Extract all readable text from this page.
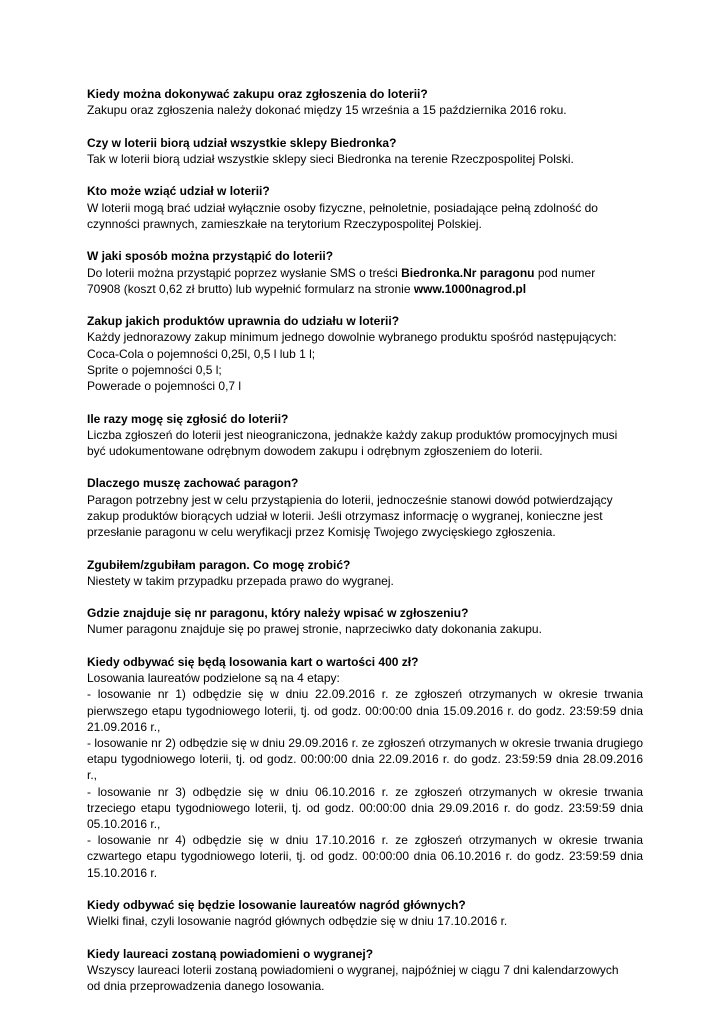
Kiedy można dokonywać zakupu oraz zgłoszenia do loterii?

Zakupu oraz zgłoszenia należy dokonać między 15 września a 15 października 2016 roku.

Czy w loterii biorą udział wszystkie sklepy Biedronka?

Tak w loterii biorą udział wszystkie sklepy sieci Biedronka na terenie Rzeczpospolitej Polski.

Kto może wziąć udział w loterii?

W loterii mogą brać udział wyłącznie osoby fizyczne, pełnoletnie, posiadające pełną zdolność do

czynności prawnych, zamieszkałe na terytorium Rzeczypospolitej Polskiej.

W jaki sposób można przystąpić do loterii?

Do loterii można przystąpić poprzez wysłanie SMS o treści Biedronka.Nr paragonu pod numer

70908 (koszt 0,62 zł brutto) lub wypełnić formularz na stronie www.1000nagrod.pl

Zakup jakich produktów uprawnia do udziału w loterii?

Każdy jednorazowy zakup minimum jednego dowolnie wybranego produktu spośród następujących:

Coca-Cola o pojemności 0,25l, 0,5 l lub 1 l;

Sprite o pojemności 0,5 l;

Powerade o pojemności 0,7 l

Ile razy mogę się zgłosić do loterii?

Liczba zgłoszeń do loterii jest nieograniczona, jednakże każdy zakup produktów promocyjnych musi

być udokumentowane odrębnym dowodem zakupu i odrębnym zgłoszeniem do loterii.

Dlaczego muszę zachować paragon?

Paragon potrzebny jest w celu przystąpienia do loterii, jednocześnie stanowi dowód potwierdzający

zakup produktów biorących udział w loterii. Jeśli otrzymasz informację o wygranej, konieczne jest

przesłanie paragonu w celu weryfikacji przez Komisję Twojego zwycięskiego zgłoszenia.

Zgubiłem/zgubiłam paragon. Co mogę zrobić?

Niestety w takim przypadku przepada prawo do wygranej.

Gdzie znajduje się nr paragonu, który należy wpisać w zgłoszeniu?

Numer paragonu znajduje się po prawej stronie, naprzeciwko daty dokonania zakupu.

Kiedy odbywać się będą losowania kart o wartości 400 zł?

Losowania laureatów podzielone są na 4 etapy:

- losowanie nr 1) odbędzie się w dniu 22.09.2016 r. ze zgłoszeń otrzymanych w okresie trwania pierwszego etapu tygodniowego loterii, tj. od godz. 00:00:00 dnia 15.09.2016 r. do godz. 23:59:59 dnia 21.09.2016 r.,

- losowanie nr 2) odbędzie się w dniu 29.09.2016 r. ze zgłoszeń otrzymanych w okresie trwania drugiego etapu tygodniowego loterii, tj. od godz. 00:00:00 dnia 22.09.2016 r. do godz. 23:59:59 dnia 28.09.2016 r.,

- losowanie nr 3) odbędzie się w dniu 06.10.2016 r. ze zgłoszeń otrzymanych w okresie trwania trzeciego etapu tygodniowego loterii, tj. od godz. 00:00:00 dnia 29.09.2016 r. do godz. 23:59:59 dnia 05.10.2016 r.,

- losowanie nr 4) odbędzie się w dniu 17.10.2016 r. ze zgłoszeń otrzymanych w okresie trwania czwartego etapu tygodniowego loterii, tj. od godz. 00:00:00 dnia 06.10.2016 r. do godz. 23:59:59 dnia 15.10.2016 r.

Kiedy odbywać się będzie losowanie laureatów nagród głównych?

Wielki finał, czyli losowanie nagród głównych odbędzie się w dniu 17.10.2016 r.

Kiedy laureaci zostaną powiadomieni o wygranej?

Wszyscy laureaci loterii zostaną powiadomieni o wygranej, najpóźniej w ciągu 7 dni kalendarzowych

od dnia przeprowadzenia danego losowania.
